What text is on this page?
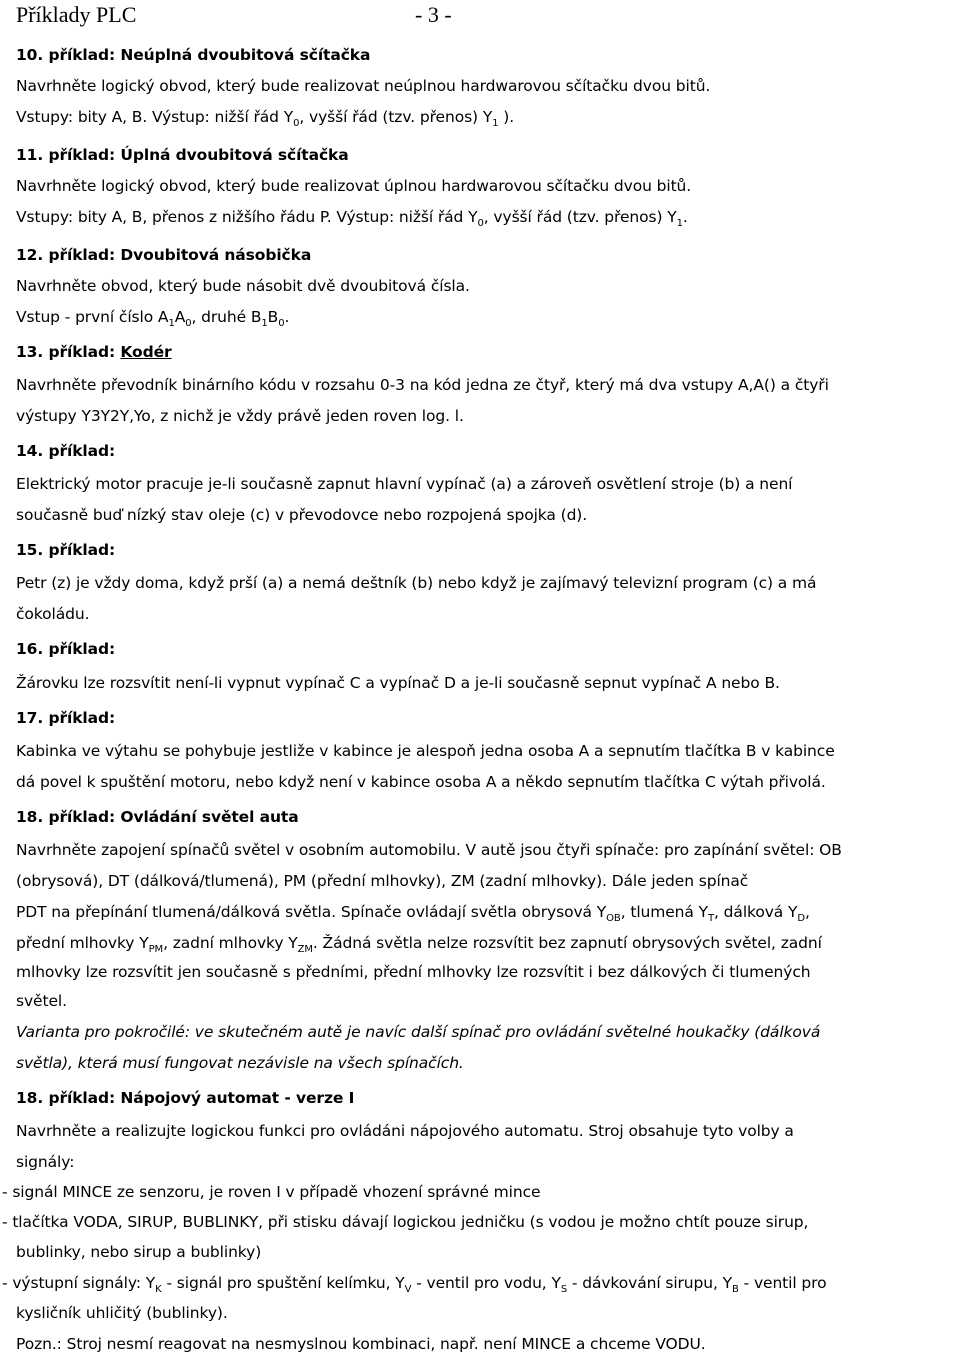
Příklady PLC	- 3 -
10. příklad: Neúplná dvoubitová sčítačka
Navrhněte logický obvod, který bude realizovat neúplnou hardwarovou sčítačku dvou bitů.
Vstupy: bity A, B. Výstup: nižší řád $Y_0$, vyšší řád (tzv. přenos) $Y_1$ ).
11. příklad: Úplná dvoubitová sčítačka
Navrhněte logický obvod, který bude realizovat úplnou hardwarovou sčítačku dvou bitů.
Vstupy: bity A, B, přenos z nižšího řádu P. Výstup: nižší řád $Y_0$, vyšší řád (tzv. přenos) $Y_1$.
12. příklad: Dvoubitová násobička
Navrhněte obvod, který bude násobit dvě dvoubitová čísla.
Vstup - první číslo $A_1A_0$, druhé $B_1B_0$.
13. příklad: Kodér
Navrhněte převodník binárního kódu v rozsahu 0-3 na kód jedna ze čtyř, který má dva vstupy A,A() a čtyři
výstupy Y3Y2Y,Yo, z nichž je vždy právě jeden roven log. l.
14. příklad:
Elektrický motor pracuje je-li současně zapnut hlavní vypínač (a) a zároveň osvětlení stroje (b) a není
současně buď nízký stav oleje (c) v převodovce nebo rozpojená spojka (d).
15. příklad:
Petr (z) je vždy doma, když prší (a) a nemá deštník (b) nebo když je zajímavý televizní program (c) a má
čokoládu.
16. příklad:
Žárovku lze rozsvítit není-li vypnut vypínač C a vypínač D a je-li současně sepnut vypínač A nebo B.
17. příklad:
Kabinka ve výtahu se pohybuje jestliže v kabince je alespoň jedna osoba A a sepnutím tlačítka B v kabince
dá povel k spuštění motoru, nebo když není v kabince osoba A a někdo sepnutím tlačítka C výtah přivolá.
18. příklad: Ovládání světel auta
Navrhněte zapojení spínačů světel v osobním automobilu. V autě jsou čtyři spínače: pro zapínání světel: OB
(obrysová), DT (dálková/tlumená), PM (přední mlhovky), ZM (zadní mlhovky). Dále jeden spínač
PDT na přepínání tlumená/dálková světla. Spínače ovládají světla obrysová $Y_{OB}$, tlumená $Y_T$, dálková $Y_D$,
přední mlhovky $Y_{PM}$, zadní mlhovky $Y_{ZM}$. Žádná světla nelze rozsvítit bez zapnutí obrysových světel, zadní
mlhovky lze rozsvítit jen současně s předními, přední mlhovky lze rozsvítit i bez dálkových či tlumených
světel.
Varianta pro pokročilé: ve skutečném autě je navíc další spínač pro ovládání světelné houkačky (dálková
světla), která musí fungovat nezávisle na všech spínačích.
18. příklad: Nápojový automat - verze I
Navrhněte a realizujte logickou funkci pro ovládáni nápojového automatu. Stroj obsahuje tyto volby a
signály:
- signál MINCE ze senzoru, je roven I v případě vhození správné mince
- tlačítka VODA, SIRUP, BUBLINKY, při stisku dávají logickou jedničku (s vodou je možno chtít pouze sirup,
bublinky, nebo sirup a bublinky)
- výstupní signály: $Y_K$ - signál pro spuštění kelímku, $Y_V$ - ventil pro vodu, $Y_S$ - dávkování sirupu, $Y_B$ - ventil pro
kysličník uhličitý (bublinky).
Pozn.: Stroj nesmí reagovat na nesmyslnou kombinaci, např. není MINCE a chceme VODU.
